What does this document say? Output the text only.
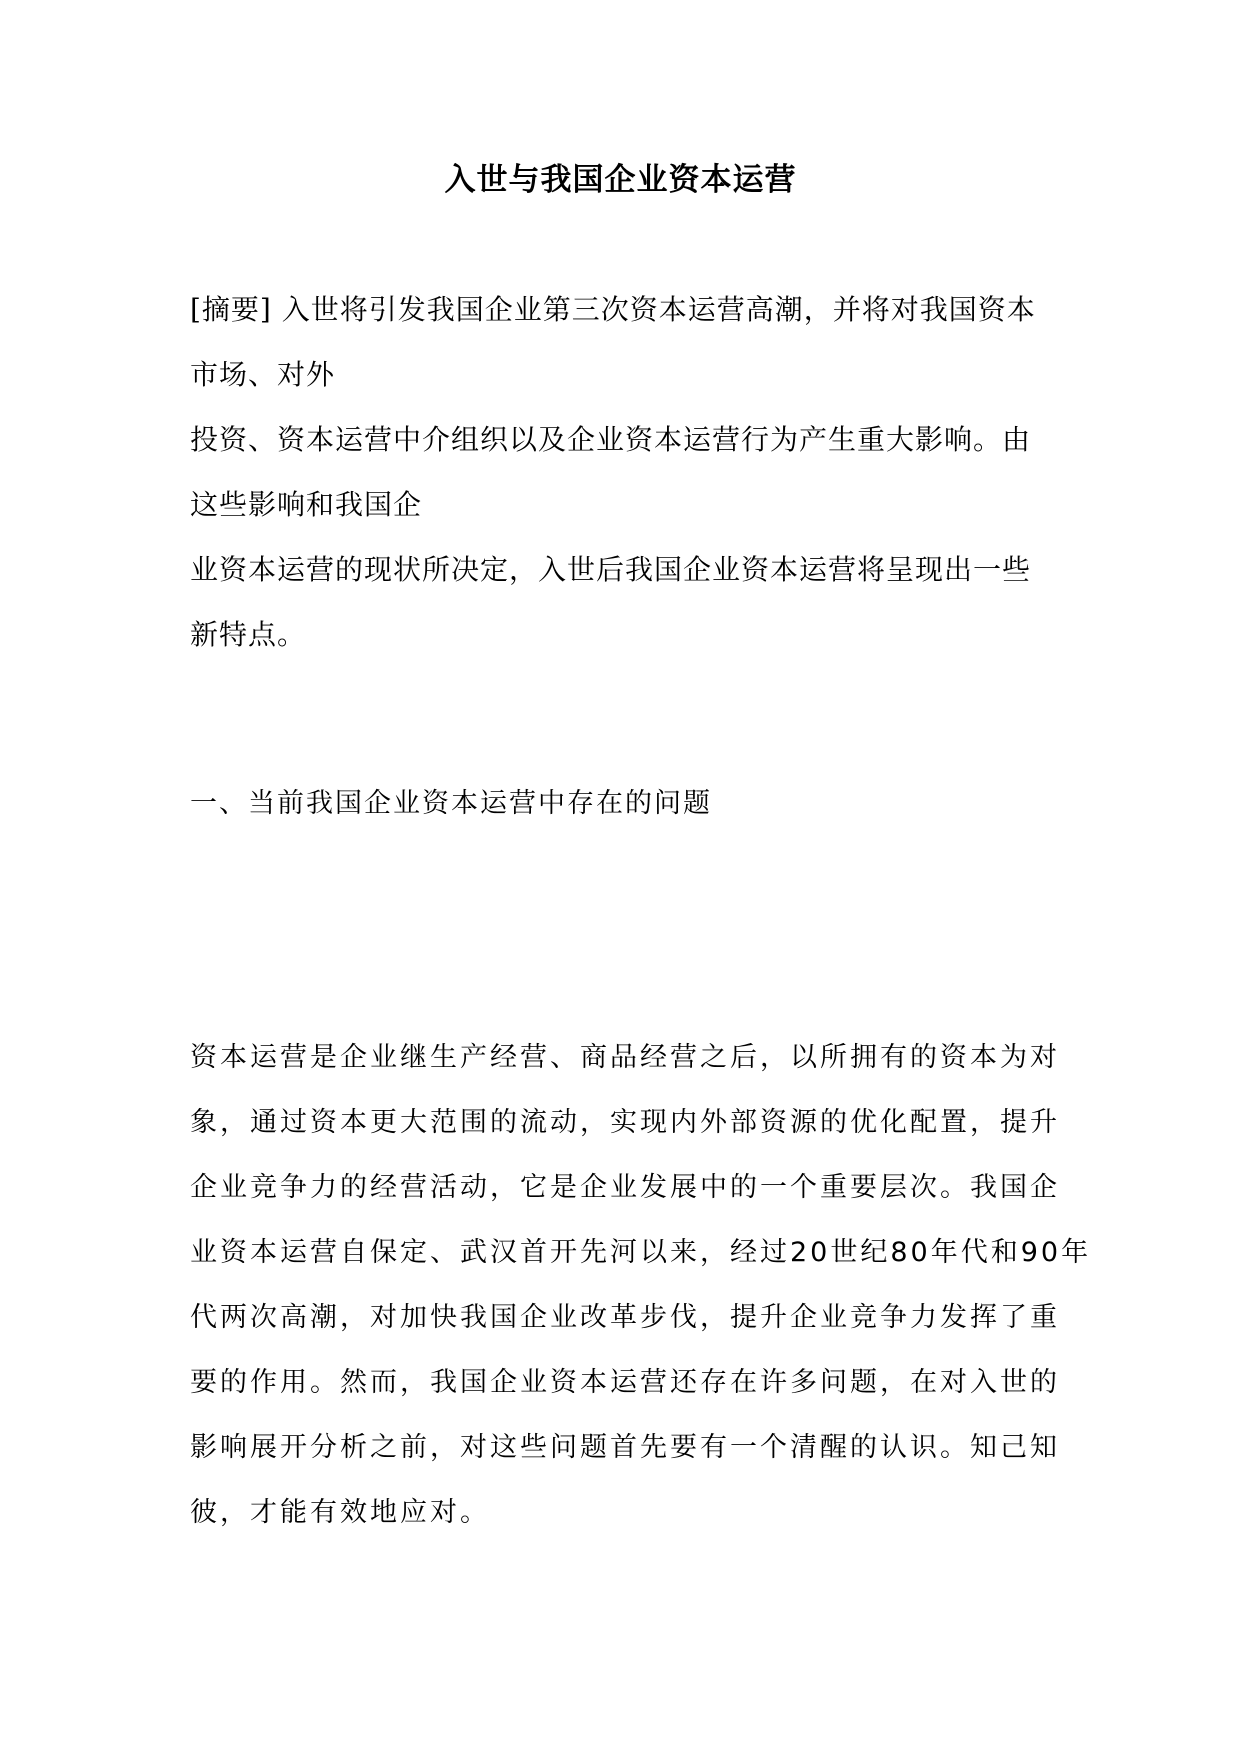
入世与我国企业资本运营
[摘要] 入世将引发我国企业第三次资本运营高潮，并将对我国资本
市场、对外
投资、资本运营中介组织以及企业资本运营行为产生重大影响。由
这些影响和我国企
业资本运营的现状所决定，入世后我国企业资本运营将呈现出一些
新特点。
一、当前我国企业资本运营中存在的问题
资本运营是企业继生产经营、商品经营之后，以所拥有的资本为对
象，通过资本更大范围的流动，实现内外部资源的优化配置，提升
企业竞争力的经营活动，它是企业发展中的一个重要层次。我国企
业资本运营自保定、武汉首开先河以来，经过20世纪80年代和90年
代两次高潮，对加快我国企业改革步伐，提升企业竞争力发挥了重
要的作用。然而，我国企业资本运营还存在许多问题，在对入世的
影响展开分析之前，对这些问题首先要有一个清醒的认识。知己知
彼，才能有效地应对。
